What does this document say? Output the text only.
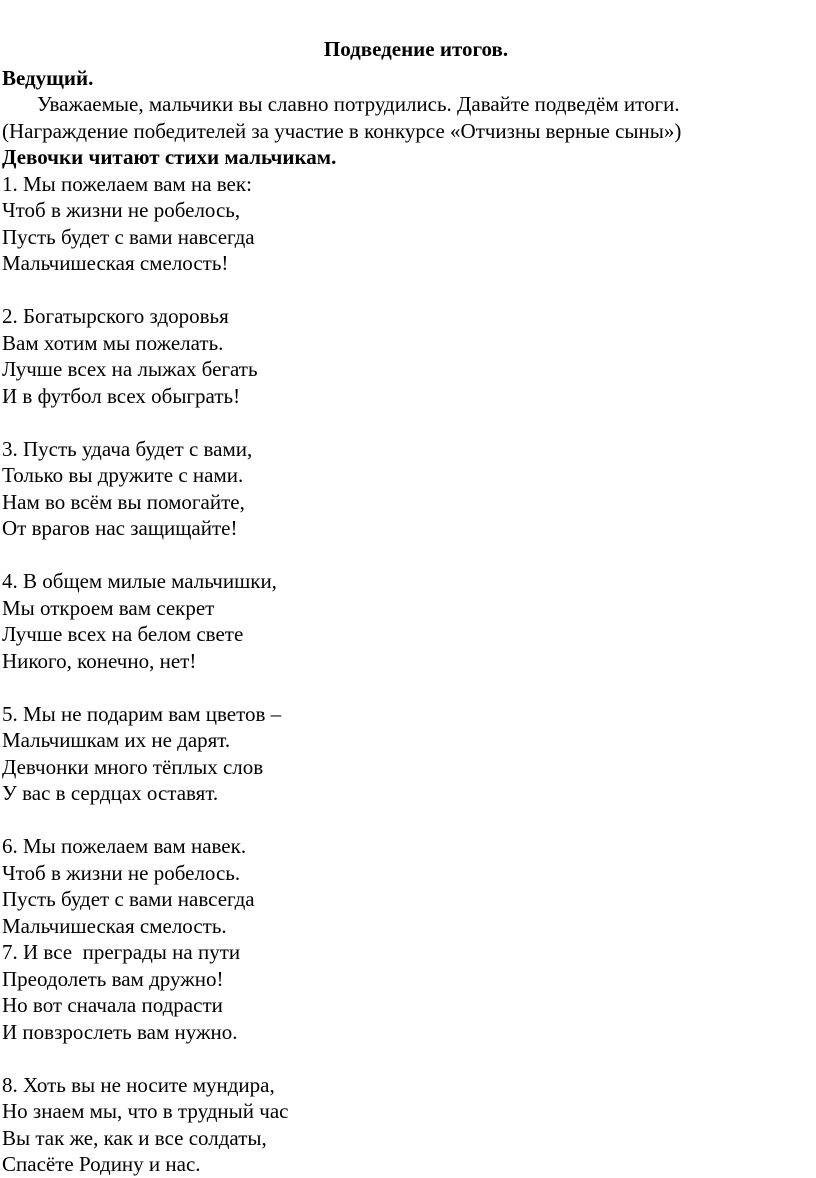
Подведение итогов.
Ведущий.
Уважаемые, мальчики вы славно потрудились. Давайте подведём итоги.
(Награждение победителей за участие в конкурсе «Отчизны верные сыны»)
Девочки читают стихи мальчикам.
1. Мы пожелаем вам на век:
Чтоб в жизни не робелось,
Пусть будет с вами навсегда
Мальчишеская смелость!
2. Богатырского здоровья
Вам хотим мы пожелать.
Лучше всех на лыжах бегать
И в футбол всех обыграть!
3. Пусть удача будет с вами,
Только вы дружите с нами.
Нам во всём вы помогайте,
От врагов нас защищайте!
4. В общем милые мальчишки,
Мы откроем вам секрет
Лучше всех на белом свете
Никого, конечно, нет!
5. Мы не подарим вам цветов –
Мальчишкам их не дарят.
Девчонки много тёплых слов
У вас в сердцах оставят.
6. Мы пожелаем вам навек.
Чтоб в жизни не робелось.
Пусть будет с вами навсегда
Мальчишеская смелость.
7. И все  преграды на пути
Преодолеть вам дружно!
Но вот сначала подрасти
И повзрослеть вам нужно.
8. Хоть вы не носите мундира,
Но знаем мы, что в трудный час
Вы так же, как и все солдаты,
Спасёте Родину и нас.
